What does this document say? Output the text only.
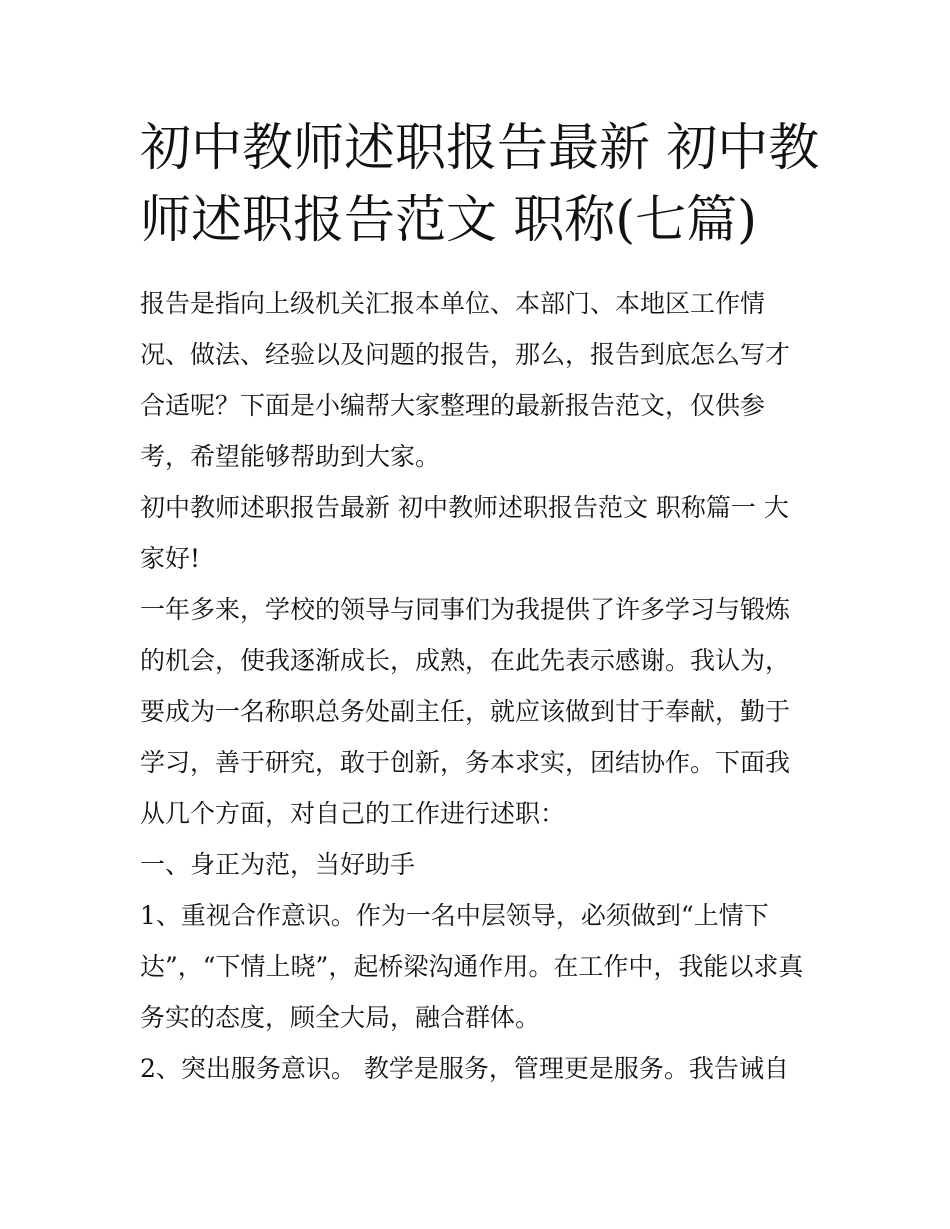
初中教师述职报告最新 初中教师述职报告范文 职称(七篇)

报告是指向上级机关汇报本单位、本部门、本地区工作情况、做法、经验以及问题的报告，那么，报告到底怎么写才合适呢？下面是小编帮大家整理的最新报告范文，仅供参考，希望能够帮助到大家。

初中教师述职报告最新 初中教师述职报告范文 职称篇一 大家好!

一年多来，学校的领导与同事们为我提供了许多学习与锻炼的机会，使我逐渐成长，成熟，在此先表示感谢。我认为，要成为一名称职总务处副主任，就应该做到甘于奉献，勤于学习，善于研究，敢于创新，务本求实，团结协作。下面我从几个方面，对自己的工作进行述职：

一、身正为范，当好助手

1、重视合作意识。作为一名中层领导，必须做到“上情下达”，“下情上晓”，起桥梁沟通作用。在工作中，我能以求真务实的态度，顾全大局，融合群体。

2、突出服务意识。 教学是服务，管理更是服务。我告诫自
